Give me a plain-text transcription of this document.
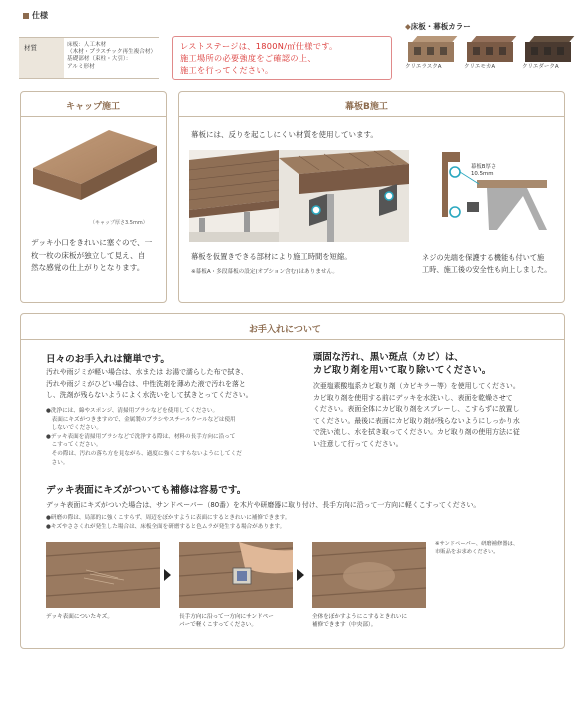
仕様
材質	床板：人工木材
（木材・プラスチック再生複合材）
基礎部材（束柱・大引）：
アルミ形材
レストステージは、1800N/㎡仕様です。
施工場所の必要強度をご確認の上、
施工を行ってください。
◆床板・幕板カラー
クリエラスクA	クリエモカA	クリエダークA
キャップ施工
（キャップ厚さ3.5mm）
デッキ小口をきれいに塞ぐので、一
枚一枚の床板が独立して見え、自
然な感覚の仕上がりとなります。
幕板B施工
幕板には、反りを起こしにくい材質を使用しています。
幕板B厚さ
10.5mm
幕板を仮置きできる部材により施工時間を短縮。
※幕板A・多段幕板の設定(オプション含む)はありません。
ネジの先端を保護する機能も付いて施
工時、施工後の安全性も向上しました。
お手入れについて
日々のお手入れは簡単です。
汚れや雨ジミが軽い場合は、水または お湯で濡らした布で拭き、
汚れや雨ジミがひどい場合は、中性洗剤を薄めた液で汚れを落と
し、洗剤が残らないようによく水洗いをして拭きとってください。
●洗浄には、綿やスポンジ、清掃用ブラシなどを使用してください。
　表面にキズがつきますので、金属製のブラシやスチールウールなどは使用
　しないでください。
●デッキ表面を清掃用ブラシなどで洗浄する際は、材料の長手方向に沿って
　こすってください。
　その際は、汚れの落ち方を見ながら、過度に強くこすらないようにしてくだ
　さい。
頑固な汚れ、黒い斑点（カビ）は、
カビ取り剤を用いて取り除いてください。
次亜塩素酸塩系カビ取り剤（カビキラー等）を使用してください。
カビ取り剤を使用する前にデッキを水洗いし、表面を乾燥させて
ください。表面全体にカビ取り剤をスプレーし、こすらずに放置し
てください。最後に表面にカビ取り剤が残らないようにしっかり水
で洗い流し、水を拭き取ってください。カビ取り剤の使用方法に従
い注意して行ってください。
デッキ表面にキズがついても補修は容易です。
デッキ表面にキズがついた場合は、サンドペーパー（80番）を木片や研磨器に取り付け、長手方向に沿って一方向に軽くこすってください。
●研磨の際は、局部的に強くこすらず、周辺をぼかすように表面にするときれいに補修できます。
●キズやささくれが発生した場合は、床板全面を研磨すると色ムラが発生する場合があります。
※サンドペーパー、研磨補修器は、
市販品をお求めください。
デッキ表面についたキズ。	長手方向に沿って一方向にサンドペー
パーで軽くこすってください。
全体をぼかすようにこするときれいに
補修できます（中央部）。
